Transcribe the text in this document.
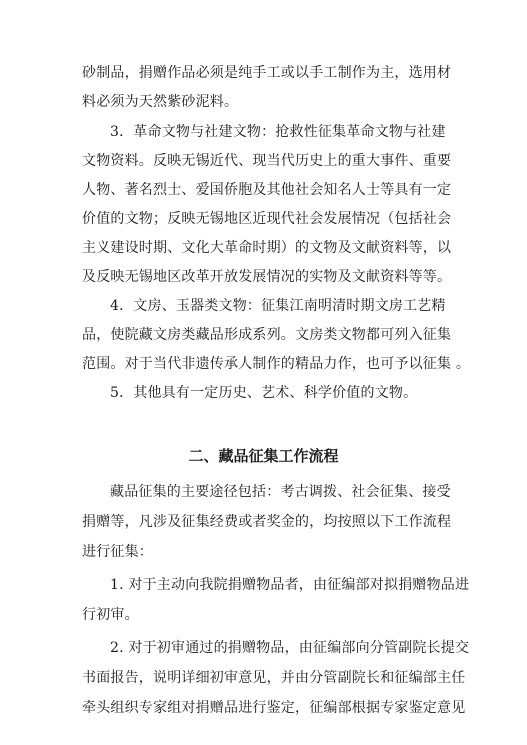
砂制品，捐赠作品必须是纯手工或以手工制作为主，选用材
料必须为天然紫砂泥料。
3．革命文物与社建文物：抢救性征集革命文物与社建
文物资料。反映无锡近代、现当代历史上的重大事件、重要
人物、著名烈士、爱国侨胞及其他社会知名人士等具有一定
价值的文物；反映无锡地区近现代社会发展情况（包括社会
主义建设时期、文化大革命时期）的文物及文献资料等，以
及反映无锡地区改革开放发展情况的实物及文献资料等等。
4．文房、玉器类文物：征集江南明清时期文房工艺精
品，使院藏文房类藏品形成系列。文房类文物都可列入征集
范围。对于当代非遗传承人制作的精品力作，也可予以征集 。
5．其他具有一定历史、艺术、科学价值的文物。
二、藏品征集工作流程
藏品征集的主要途径包括：考古调拨、社会征集、接受
捐赠等，凡涉及征集经费或者奖金的，均按照以下工作流程
进行征集：
1. 对于主动向我院捐赠物品者，由征编部对拟捐赠物品进
行初审。
2. 对于初审通过的捐赠物品，由征编部向分管副院长提交
书面报告，说明详细初审意见，并由分管副院长和征编部主任
牵头组织专家组对捐赠品进行鉴定，征编部根据专家鉴定意见
